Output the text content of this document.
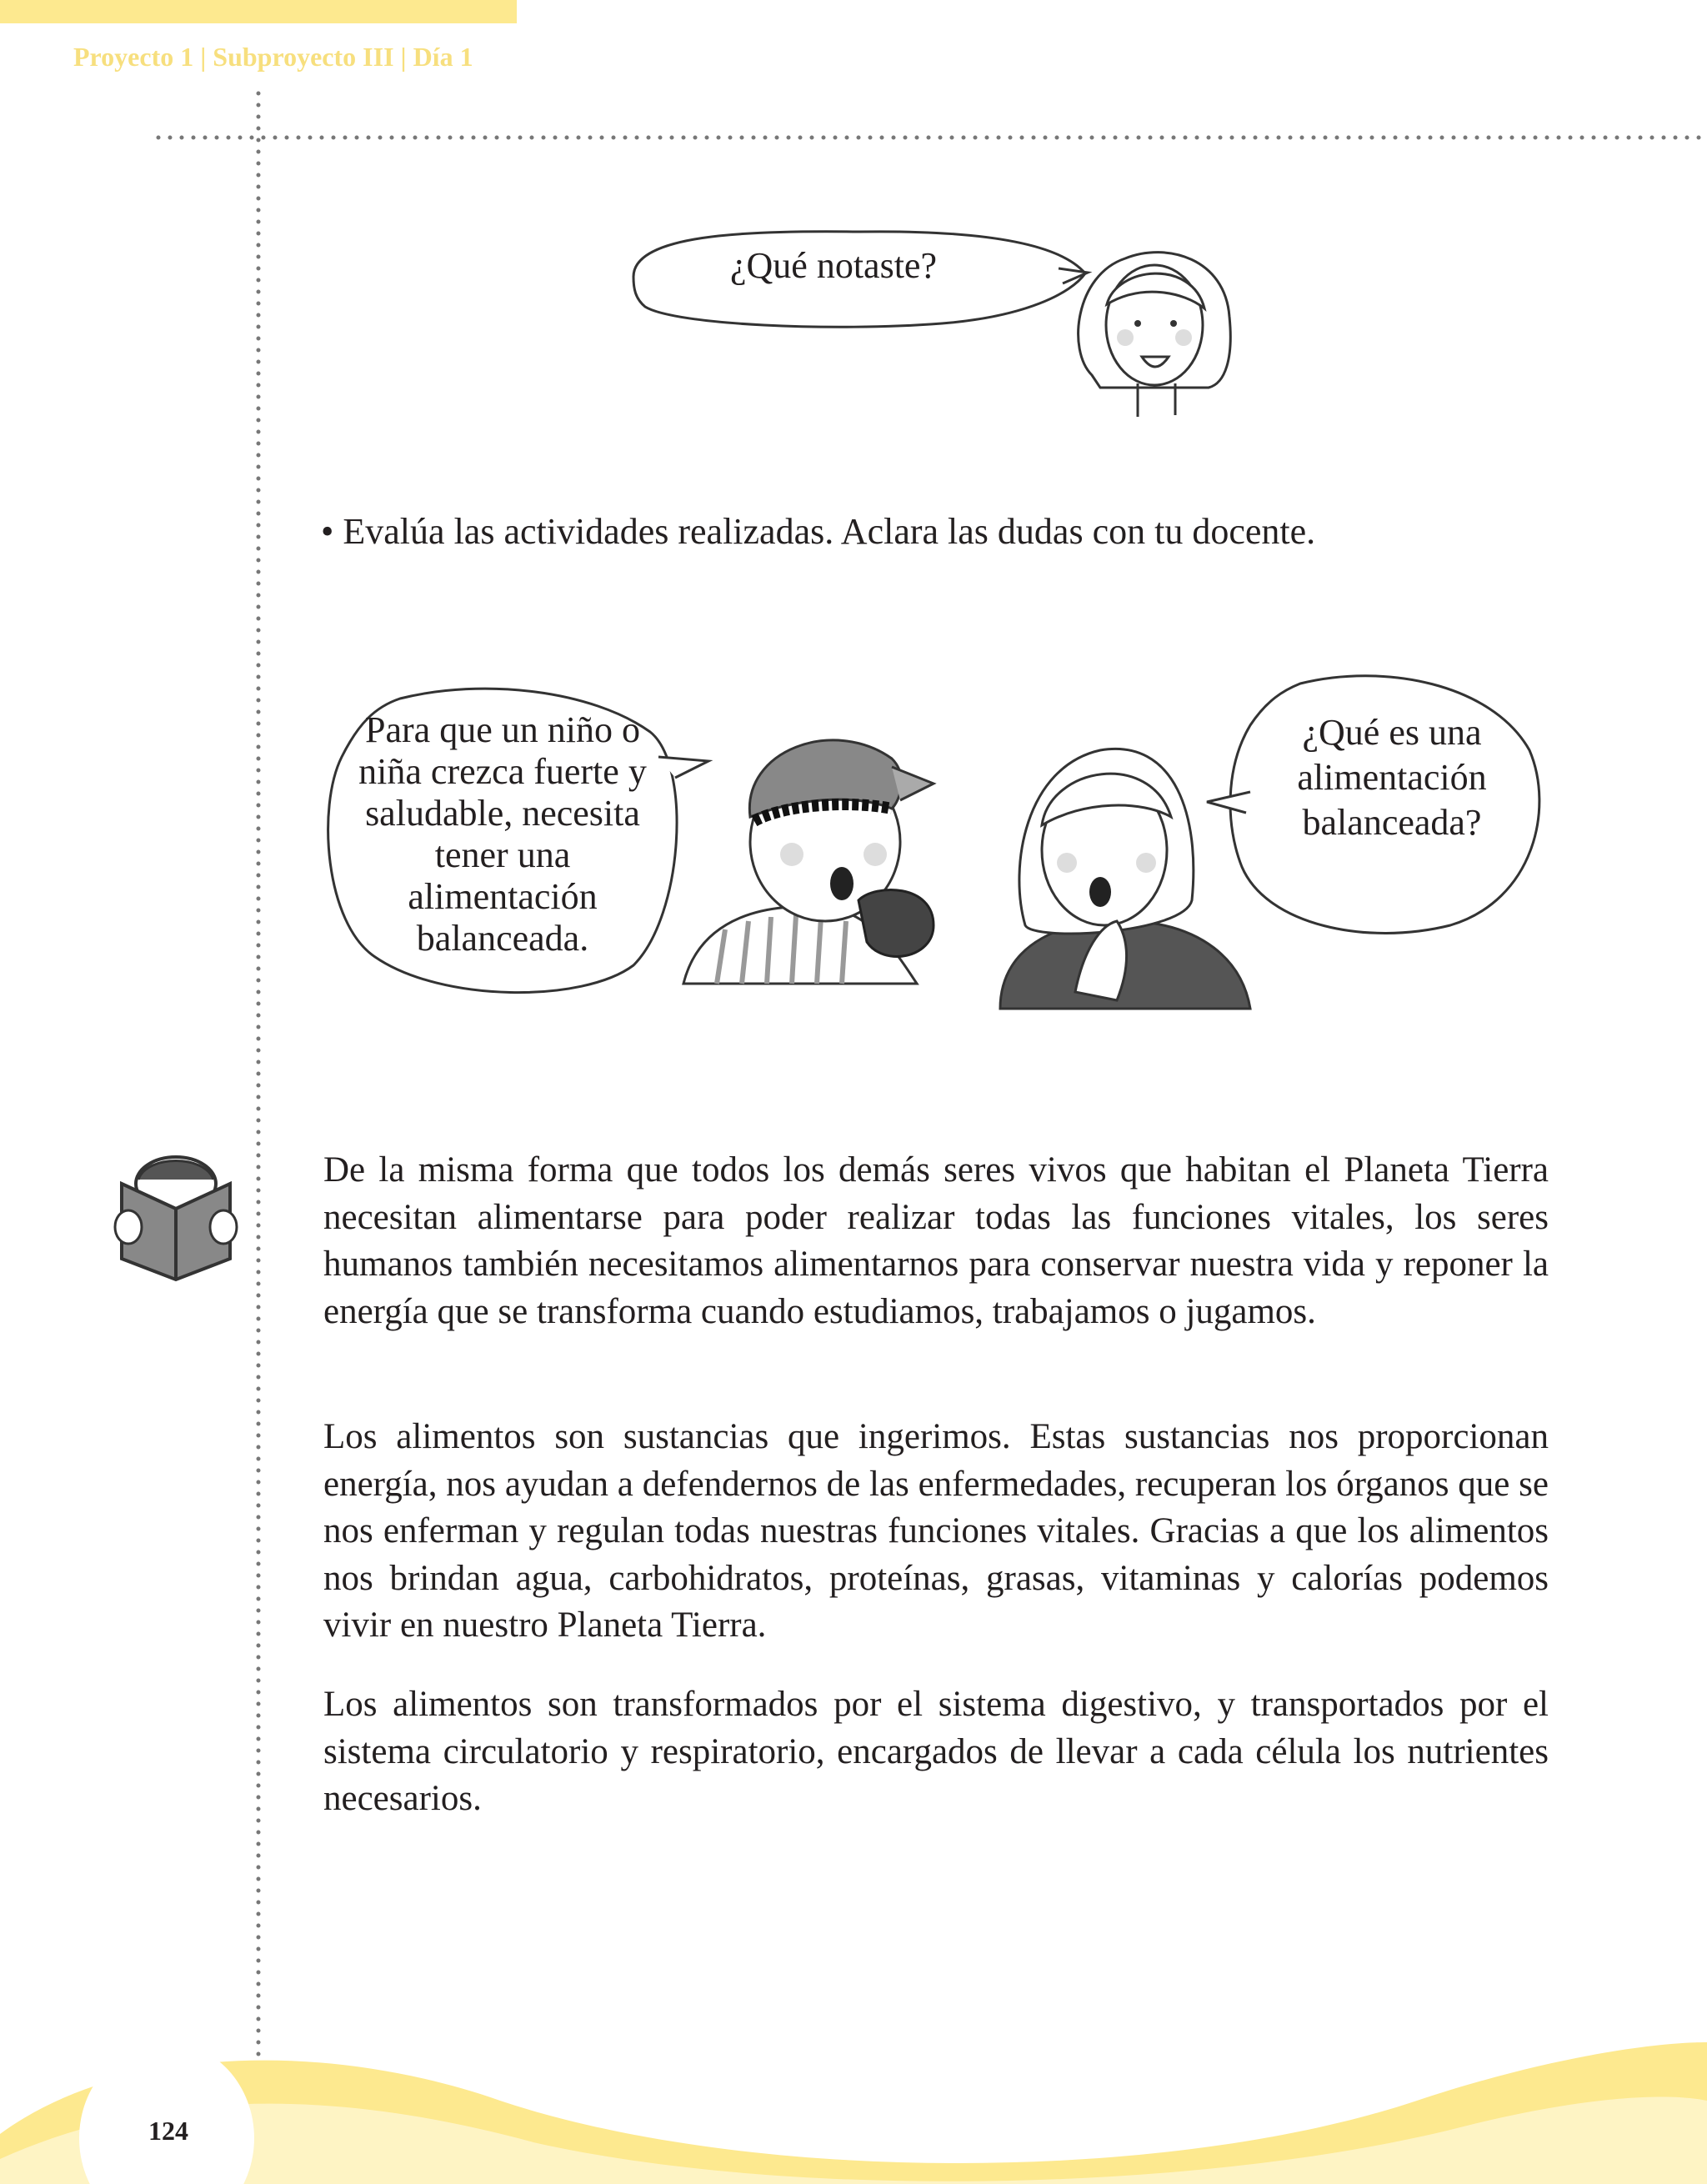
Proyecto 1 | Subproyecto III | Día 1
¿Qué notaste?
• Evalúa las actividades realizadas. Aclara las dudas con tu docente.
Para que un niño o niña crezca fuerte y saludable, necesita tener una alimentación balanceada.
¿Qué es una alimentación balanceada?
De la misma forma que todos los demás seres vivos que habitan el Planeta Tierra necesitan alimentarse para poder realizar todas las funciones vitales, los seres humanos también necesitamos alimentarnos para conservar nuestra vida y reponer la energía que se transforma cuando estudiamos, trabajamos o jugamos.
Los alimentos son sustancias que ingerimos. Estas sustancias nos proporcionan energía, nos ayudan a defendernos de las enfermedades, recuperan los órganos que se nos enferman y regulan todas nuestras funciones vitales. Gracias a que los alimentos nos brindan agua, carbohidratos, proteínas, grasas, vitaminas y calorías podemos vivir en nuestro Planeta Tierra.
Los alimentos son transformados por el sistema digestivo, y transportados por el sistema circulatorio y respiratorio, encargados de llevar a cada célula los nutrientes necesarios.
124
